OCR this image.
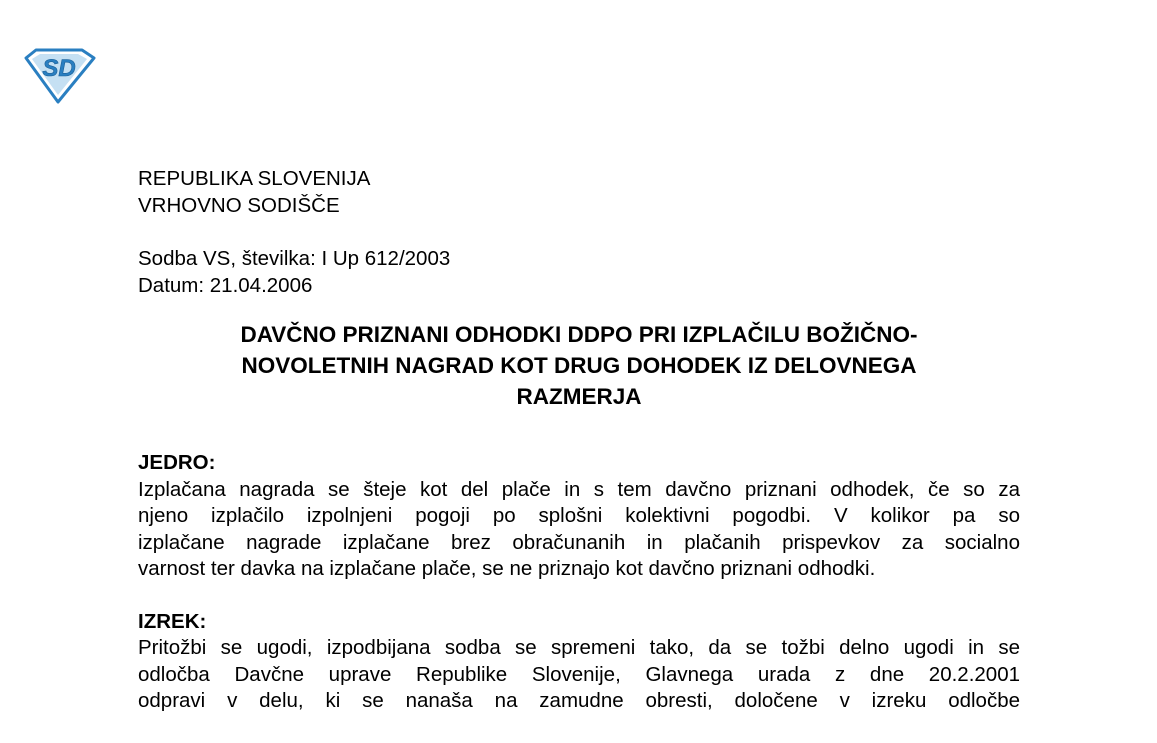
SD
REPUBLIKA SLOVENIJA
VRHOVNO SODIŠČE
Sodba VS, številka: I Up 612/2003
Datum: 21.04.2006
DAVČNO PRIZNANI ODHODKI DDPO PRI IZPLAČILU BOŽIČNO-
NOVOLETNIH NAGRAD KOT DRUG DOHODEK IZ DELOVNEGA
RAZMERJA
JEDRO:
Izplačana nagrada se šteje kot del plače in s tem davčno priznani odhodek, če so za
njeno izplačilo izpolnjeni pogoji po splošni kolektivni pogodbi. V kolikor pa so
izplačane nagrade izplačane brez obračunanih in plačanih prispevkov za socialno
varnost ter davka na izplačane plače, se ne priznajo kot davčno priznani odhodki.
IZREK:
Pritožbi se ugodi, izpodbijana sodba se spremeni tako, da se tožbi delno ugodi in se
odločba Davčne uprave Republike Slovenije, Glavnega urada z dne 20.2.2001
odpravi v delu, ki se nanaša na zamudne obresti, določene v izreku odločbe
